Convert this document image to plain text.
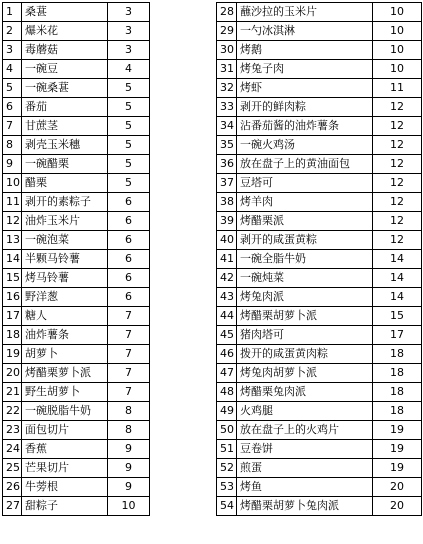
1	桑葚	3
2	爆米花	3
3	毒蘑菇	3
4	一碗豆	4
5	一碗桑葚	5
6	番茄	5
7	甘蔗茎	5
8	剥壳玉米穗	5
9	一碗醋栗	5
10	醋栗	5
11	剥开的素粽子	6
12	油炸玉米片	6
13	一碗泡菜	6
14	半颗马铃薯	6
15	烤马铃薯	6
16	野洋葱	6
17	糖人	7
18	油炸薯条	7
19	胡萝卜	7
20	烤醋栗萝卜派	7
21	野生胡萝卜	7
22	一碗脱脂牛奶	8
23	面包切片	8
24	香蕉	9
25	芒果切片	9
26	牛蒡根	9
27	甜粽子	10
28	蘸沙拉的玉米片	10
29	一勺冰淇淋	10
30	烤鹅	10
31	烤兔子肉	10
32	烤虾	11
33	剥开的鲜肉粽	12
34	沾番茄酱的油炸薯条	12
35	一碗火鸡汤	12
36	放在盘子上的黄油面包	12
37	豆塔可	12
38	烤羊肉	12
39	烤醋栗派	12
40	剥开的咸蛋黄粽	12
41	一碗全脂牛奶	14
42	一碗炖菜	14
43	烤兔肉派	14
44	烤醋栗胡萝卜派	15
45	猪肉塔可	17
46	拨开的咸蛋黄肉粽	18
47	烤兔肉胡萝卜派	18
48	烤醋栗兔肉派	18
49	火鸡腿	18
50	放在盘子上的火鸡片	19
51	豆卷饼	19
52	煎蛋	19
53	烤鱼	20
54	烤醋栗胡萝卜兔肉派	20
